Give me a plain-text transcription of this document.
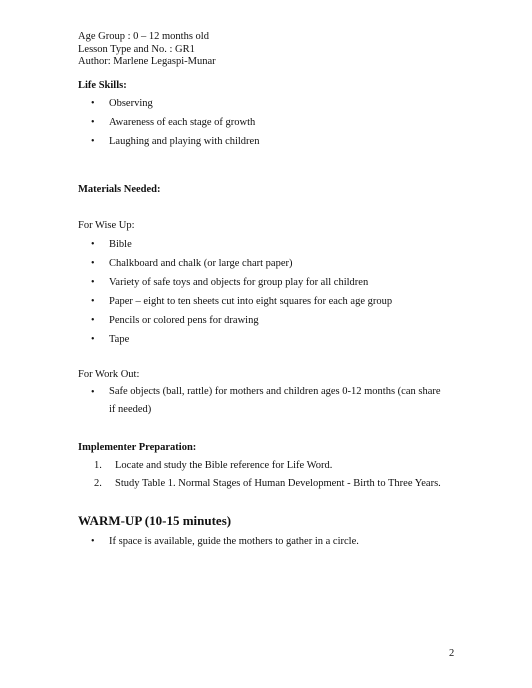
Age Group : 0 – 12 months old
Lesson Type and No. : GR1
Author: Marlene Legaspi-Munar
Life Skills:
• Observing
• Awareness of each stage of growth
• Laughing and playing with children
Materials Needed:
For Wise Up:
• Bible
• Chalkboard and chalk (or large chart paper)
• Variety of safe toys and objects for group play for all children
• Paper – eight to ten sheets cut into eight squares for each age group
• Pencils or colored pens for drawing
• Tape
For Work Out:
• Safe objects (ball, rattle) for mothers and children ages 0-12 months (can share if needed)
Implementer Preparation:
1. Locate and study the Bible reference for Life Word.
2. Study Table 1. Normal Stages of Human Development - Birth to Three Years.
WARM-UP (10-15 minutes)
• If space is available, guide the mothers to gather in a circle.
2
